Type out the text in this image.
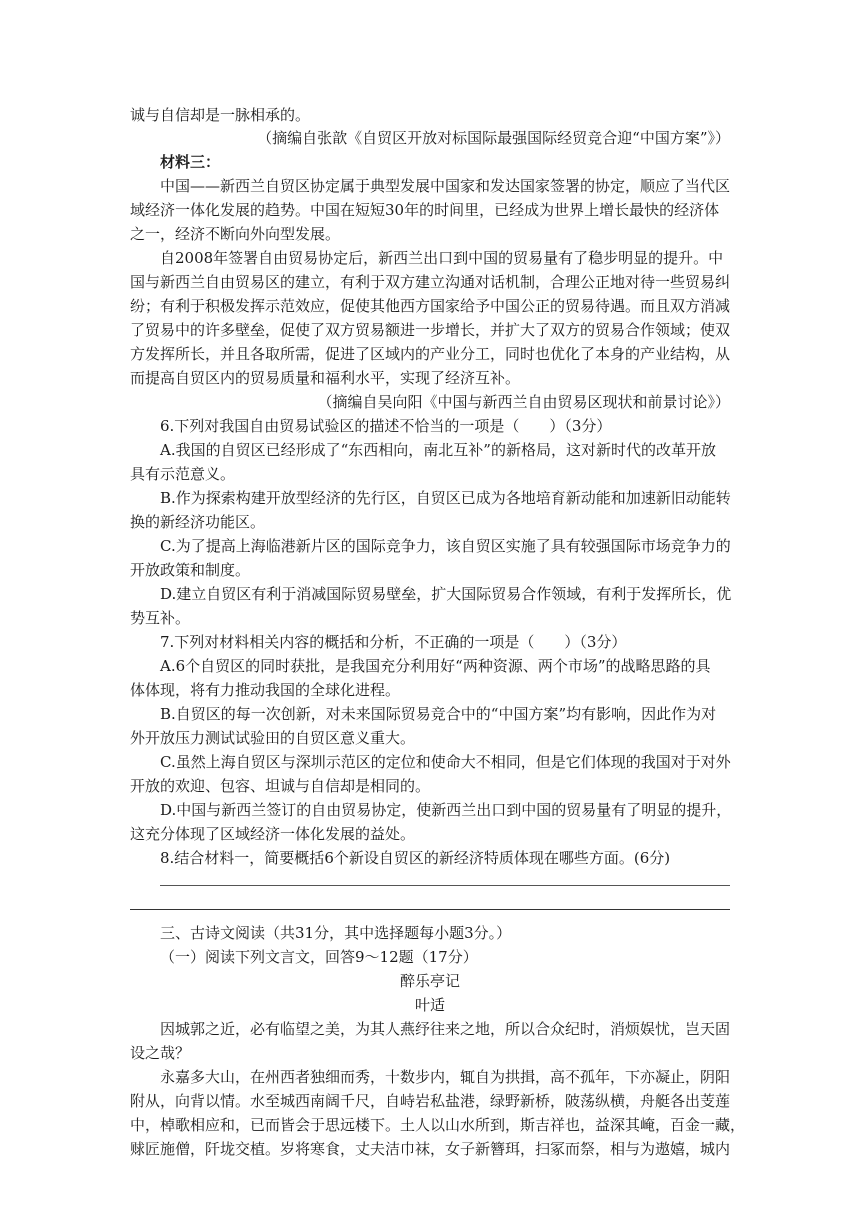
诚与自信却是一脉相承的。
（摘编自张歆《自贸区开放对标国际最强国际经贸竞合迎“中国方案”》）
材料三：
中国——新西兰自贸区协定属于典型发展中国家和发达国家签署的协定，顺应了当代区
域经济一体化发展的趋势。中国在短短30年的时间里，已经成为世界上增长最快的经济体
之一，经济不断向外向型发展。
自2008年签署自由贸易协定后，新西兰出口到中国的贸易量有了稳步明显的提升。中
国与新西兰自由贸易区的建立，有利于双方建立沟通对话机制，合理公正地对待一些贸易纠
纷；有利于积极发挥示范效应，促使其他西方国家给予中国公正的贸易待遇。而且双方消减
了贸易中的许多壁垒，促使了双方贸易额进一步增长，并扩大了双方的贸易合作领域；使双
方发挥所长，并且各取所需，促进了区域内的产业分工，同时也优化了本身的产业结构，从
而提高自贸区内的贸易质量和福利水平，实现了经济互补。
（摘编自吴向阳《中国与新西兰自由贸易区现状和前景讨论》）
6.下列对我国自由贸易试验区的描述不恰当的一项是（　　）（3分）
A.我国的自贸区已经形成了“东西相向，南北互补”的新格局，这对新时代的改革开放
具有示范意义。
B.作为探索构建开放型经济的先行区，自贸区已成为各地培育新动能和加速新旧动能转
换的新经济功能区。
C.为了提高上海临港新片区的国际竞争力，该自贸区实施了具有较强国际市场竞争力的
开放政策和制度。
D.建立自贸区有利于消减国际贸易壁垒，扩大国际贸易合作领域，有利于发挥所长，优
势互补。
7.下列对材料相关内容的概括和分析，不正确的一项是（　　）（3分）
A.6个自贸区的同时获批，是我国充分利用好“两种资源、两个市场”的战略思路的具
体体现，将有力推动我国的全球化进程。
B.自贸区的每一次创新，对未来国际贸易竞合中的“中国方案”均有影响，因此作为对
外开放压力测试试验田的自贸区意义重大。
C.虽然上海自贸区与深圳示范区的定位和使命大不相同，但是它们体现的我国对于对外
开放的欢迎、包容、坦诚与自信却是相同的。
D.中国与新西兰签订的自由贸易协定，使新西兰出口到中国的贸易量有了明显的提升，
这充分体现了区域经济一体化发展的益处。
8.结合材料一，简要概括6个新设自贸区的新经济特质体现在哪些方面。(6分)
三、古诗文阅读（共31分，其中选择题每小题3分。）
（一）阅读下列文言文，回答9～12题（17分）
醉乐亭记
叶适
因城郭之近，必有临望之美，为其人燕纾往来之地，所以合众纪时，消烦娱忧，岂天固
设之哉？
永嘉多大山，在州西者独细而秀，十数步内，辄自为拱揖，高不孤年，下亦凝止，阴阳
附从，向背以情。水至城西南阔千尺，自峙岩私盐港，绿野新桥，陂荡纵横，舟艇各出芰莲
中，棹歌相应和，已而皆会于思远楼下。土人以山水所到，斯吉祥也，益深其崦，百金一藏，
赇匠施僧，阡垅交植。岁将寒食，丈夫洁巾袜，女子新簪珥，扫冢而祭，相与为遨嬉，城内
